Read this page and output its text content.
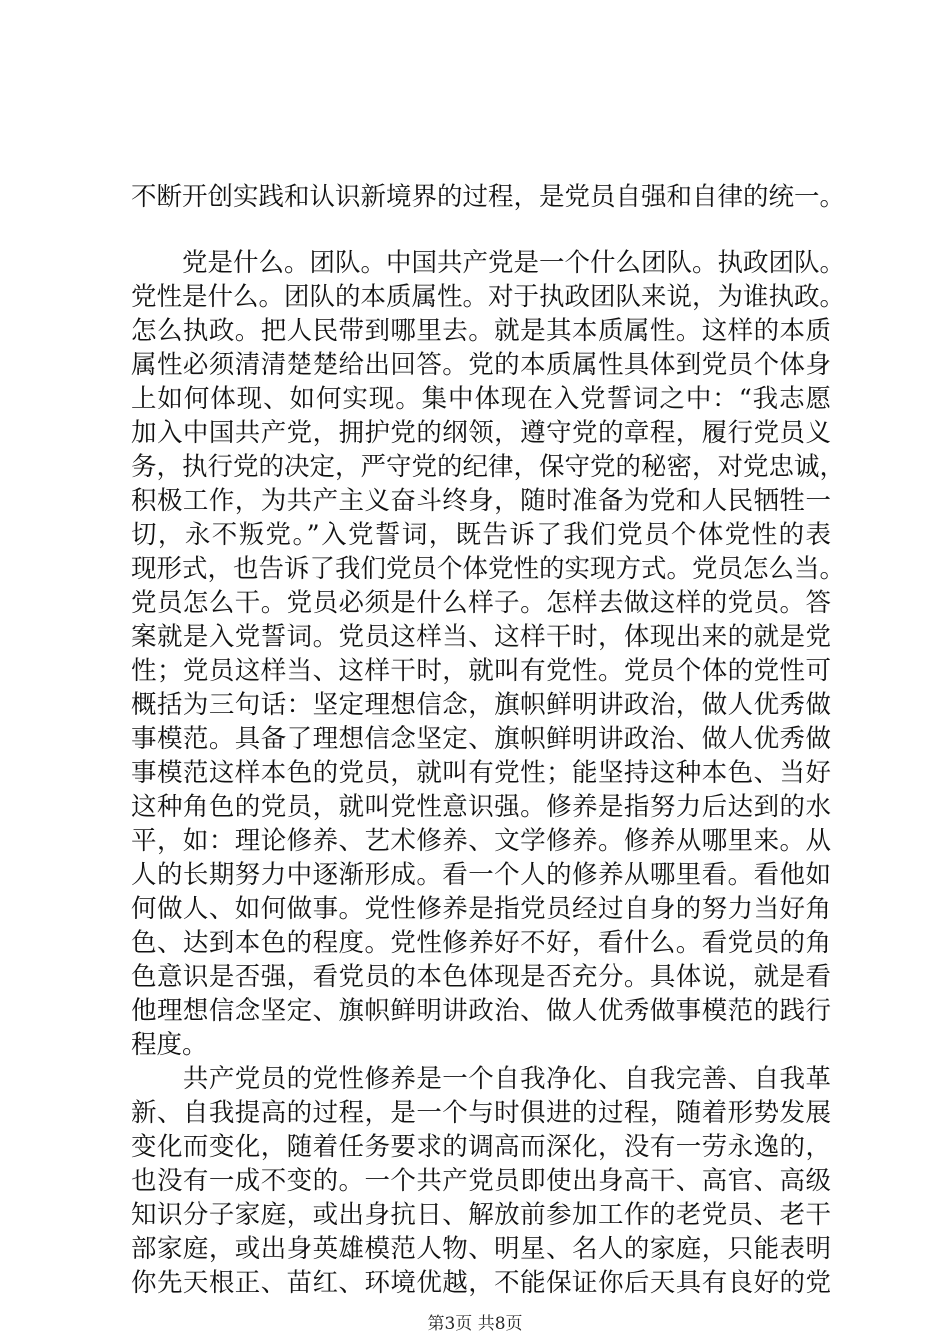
不断开创实践和认识新境界的过程，是党员自强和自律的统一。
　　党是什么。团队。中国共产党是一个什么团队。执政团队。
党性是什么。团队的本质属性。对于执政团队来说，为谁执政。
怎么执政。把人民带到哪里去。就是其本质属性。这样的本质
属性必须清清楚楚给出回答。党的本质属性具体到党员个体身
上如何体现、如何实现。集中体现在入党誓词之中：“我志愿
加入中国共产党，拥护党的纲领，遵守党的章程，履行党员义
务，执行党的决定，严守党的纪律，保守党的秘密，对党忠诚，
积极工作，为共产主义奋斗终身，随时准备为党和人民牺牲一
切，永不叛党。”入党誓词，既告诉了我们党员个体党性的表
现形式，也告诉了我们党员个体党性的实现方式。党员怎么当。
党员怎么干。党员必须是什么样子。怎样去做这样的党员。答
案就是入党誓词。党员这样当、这样干时，体现出来的就是党
性；党员这样当、这样干时，就叫有党性。党员个体的党性可
概括为三句话：坚定理想信念，旗帜鲜明讲政治，做人优秀做
事模范。具备了理想信念坚定、旗帜鲜明讲政治、做人优秀做
事模范这样本色的党员，就叫有党性；能坚持这种本色、当好
这种角色的党员，就叫党性意识强。修养是指努力后达到的水
平，如：理论修养、艺术修养、文学修养。修养从哪里来。从
人的长期努力中逐渐形成。看一个人的修养从哪里看。看他如
何做人、如何做事。党性修养是指党员经过自身的努力当好角
色、达到本色的程度。党性修养好不好，看什么。看党员的角
色意识是否强，看党员的本色体现是否充分。具体说，就是看
他理想信念坚定、旗帜鲜明讲政治、做人优秀做事模范的践行
程度。
　　共产党员的党性修养是一个自我净化、自我完善、自我革
新、自我提高的过程，是一个与时俱进的过程，随着形势发展
变化而变化，随着任务要求的调高而深化，没有一劳永逸的，
也没有一成不变的。一个共产党员即使出身高干、高官、高级
知识分子家庭，或出身抗日、解放前参加工作的老党员、老干
部家庭，或出身英雄模范人物、明星、名人的家庭，只能表明
你先天根正、苗红、环境优越，不能保证你后天具有良好的党
第3页 共8页
